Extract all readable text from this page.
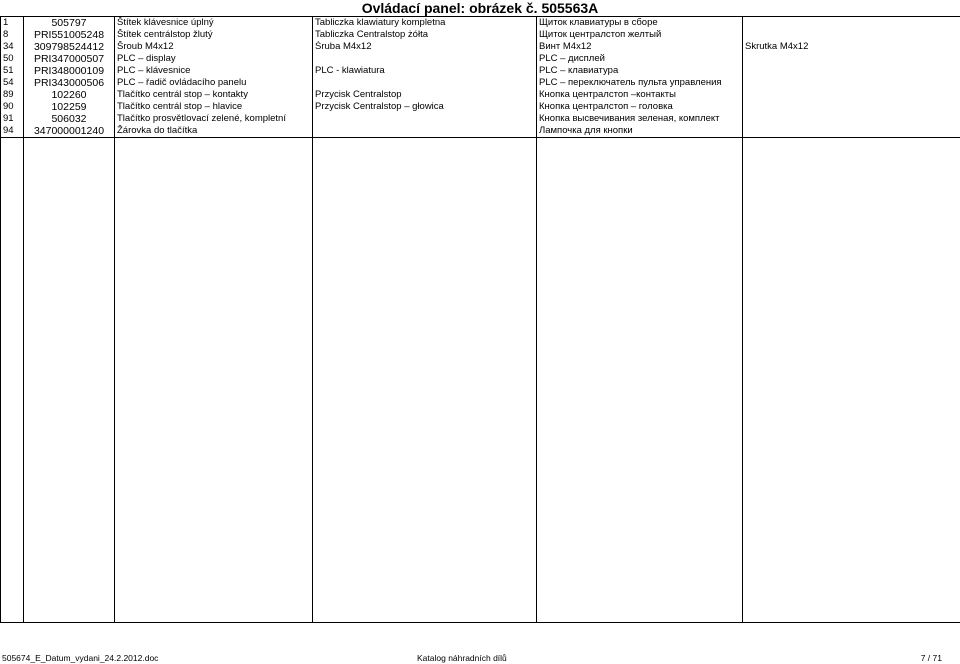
Ovládací panel: obrázek č. 505563A
1	505797	Štítek klávesnice úplný	Tabliczka klawiatury kompletna	Щиток клавиатуры в сборе	
8	PRI551005248	Štítek centrálstop žlutý	Tabliczka Centralstop żółta	Щиток централстоп желтый	
34	309798524412	Šroub M4x12	Śruba M4x12	Винт M4x12	Skrutka M4x12
50	PRI347000507	PLC – display		PLC – дисплей	
51	PRI348000109	PLC – klávesnice	PLC - klawiatura	PLC – клавиатура	
54	PRI343000506	PLC – řadič ovládacího panelu		PLC – переключатель пульта управления	
89	102260	Tlačítko centrál stop – kontakty	Przycisk Centralstop	Кнопка централстоп –контакты	
90	102259	Tlačítko centrál stop – hlavice	Przycisk Centralstop – głowica	Кнопка централстоп – головка	
91	506032	Tlačítko prosvětlovací zelené, kompletní		Кнопка высвечивания зеленая, комплект	
94	347000001240	Žárovka do tlačítka		Лампочка для кнопки	

505674_E_Datum_vydani_24.2.2012.doc	Katalog náhradních dílů	7 / 71
